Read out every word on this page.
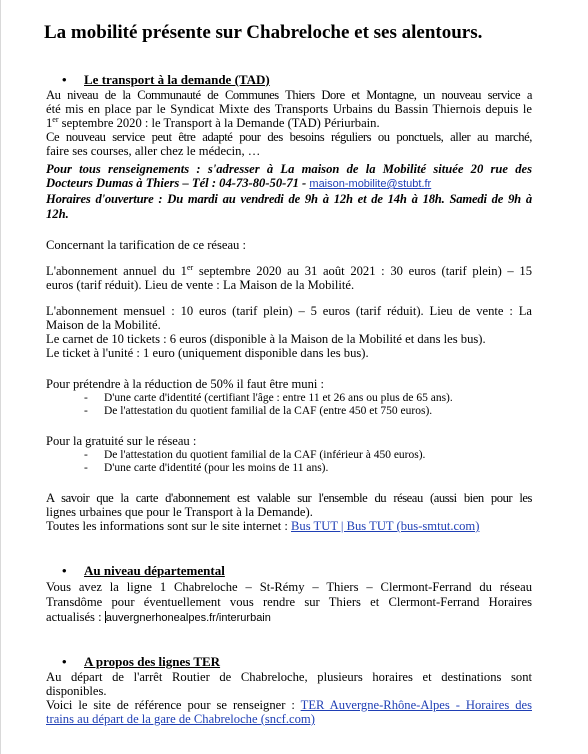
La mobilité présente sur Chabreloche et ses alentours.
• Le transport à la demande (TAD)

Au niveau de la Communauté de Communes Thiers Dore et Montagne, un nouveau service a

été mis en place par le Syndicat Mixte des Transports Urbains du Bassin Thiernois depuis le

1er septembre 2020 : le Transport à la Demande (TAD) Périurbain.

Ce nouveau service peut être adapté pour des besoins réguliers ou ponctuels, aller au marché,

faire ses courses, aller chez le médecin, …

Pour tous renseignements : s'adresser à La maison de la Mobilité située 20 rue des

Docteurs Dumas à Thiers – Tél : 04-73-80-50-71 - maison-mobilite@stubt.fr

Horaires d'ouverture : Du mardi au vendredi de 9h à 12h et de 14h à 18h. Samedi de 9h à

12h.

Concernant la tarification de ce réseau :

L'abonnement annuel du 1er septembre 2020 au 31 août 2021 : 30 euros (tarif plein) – 15

euros (tarif réduit). Lieu de vente : La Maison de la Mobilité.

L'abonnement mensuel : 10 euros (tarif plein) – 5 euros (tarif réduit). Lieu de vente : La

Maison de la Mobilité.

Le carnet de 10 tickets : 6 euros (disponible à la Maison de la Mobilité et dans les bus).

Le ticket à l'unité : 1 euro (uniquement disponible dans les bus).

Pour prétendre à la réduction de 50% il faut être muni :

- D'une carte d'identité (certifiant l'âge : entre 11 et 26 ans ou plus de 65 ans).
- De l'attestation du quotient familial de la CAF (entre 450 et 750 euros).

Pour la gratuité sur le réseau :

- De l'attestation du quotient familial de la CAF (inférieur à 450 euros).
- D'une carte d'identité (pour les moins de 11 ans).

A savoir que la carte d'abonnement est valable sur l'ensemble du réseau (aussi bien pour les

lignes urbaines que pour le Transport à la Demande).

Toutes les informations sont sur le site internet : Bus TUT | Bus TUT (bus-smtut.com)

• Au niveau départemental

Vous avez la ligne 1 Chabreloche – St-Rémy – Thiers – Clermont-Ferrand du réseau

Transdôme pour éventuellement vous rendre sur Thiers et Clermont-Ferrand Horaires

actualisés : auvergnerhonealpes.fr/interurbain

• A propos des lignes TER

Au départ de l'arrêt Routier de Chabreloche, plusieurs horaires et destinations sont

disponibles.

Voici le site de référence pour se renseigner : TER Auvergne-Rhône-Alpes - Horaires des

trains au départ de la gare de Chabreloche (sncf.com)
